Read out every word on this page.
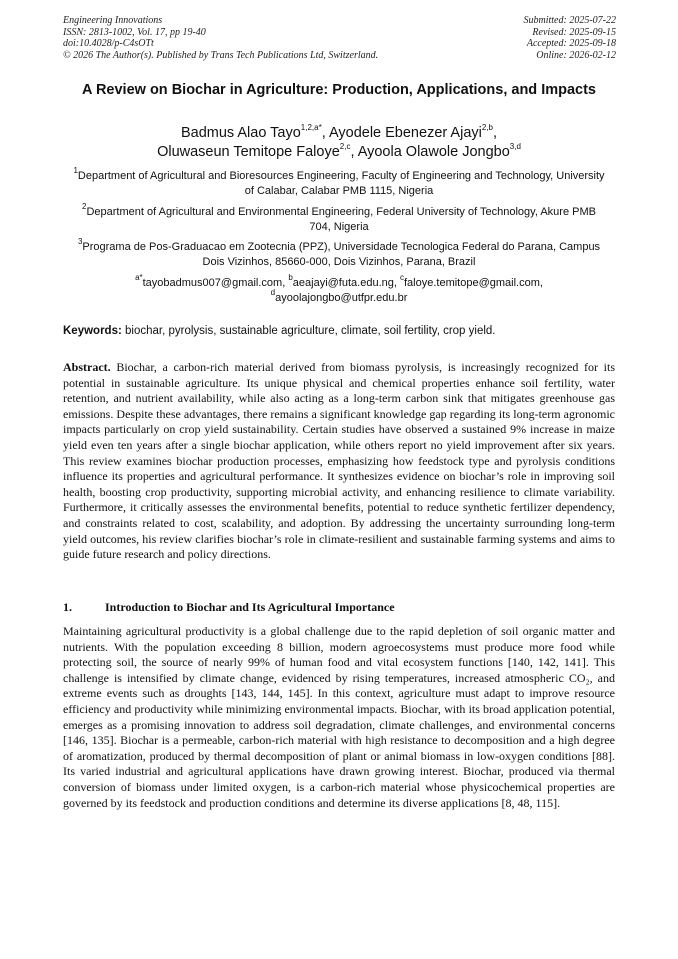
Engineering Innovations
ISSN: 2813-1002, Vol. 17, pp 19-40
doi:10.4028/p-C4sOTt
© 2026 The Author(s). Published by Trans Tech Publications Ltd, Switzerland.
Submitted: 2025-07-22
Revised: 2025-09-15
Accepted: 2025-09-18
Online: 2026-02-12
A Review on Biochar in Agriculture: Production, Applications, and Impacts
Badmus Alao Tayo$^{1,2,a*}$, Ayodele Ebenezer Ajayi$^{2,b}$,
Oluwaseun Temitope Faloye$^{2,c}$, Ayoola Olawole Jongbo$^{3,d}$
$^1$Department of Agricultural and Bioresources Engineering, Faculty of Engineering and Technology, University of Calabar, Calabar PMB 1115, Nigeria
$^2$Department of Agricultural and Environmental Engineering, Federal University of Technology, Akure PMB 704, Nigeria
$^3$Programa de Pos-Graduacao em Zootecnia (PPZ), Universidade Tecnologica Federal do Parana, Campus Dois Vizinhos, 85660-000, Dois Vizinhos, Parana, Brazil
$^{a*}$tayobadmus007@gmail.com, $^b$aeajayi@futa.edu.ng, $^c$faloye.temitope@gmail.com,
$^d$ayoolajongbo@utfpr.edu.br
Keywords: biochar, pyrolysis, sustainable agriculture, climate, soil fertility, crop yield.
Abstract. Biochar, a carbon-rich material derived from biomass pyrolysis, is increasingly recognized for its potential in sustainable agriculture. Its unique physical and chemical properties enhance soil fertility, water retention, and nutrient availability, while also acting as a long-term carbon sink that mitigates greenhouse gas emissions. Despite these advantages, there remains a significant knowledge gap regarding its long-term agronomic impacts particularly on crop yield sustainability. Certain studies have observed a sustained 9% increase in maize yield even ten years after a single biochar application, while others report no yield improvement after six years. This review examines biochar production processes, emphasizing how feedstock type and pyrolysis conditions influence its properties and agricultural performance. It synthesizes evidence on biochar’s role in improving soil health, boosting crop productivity, supporting microbial activity, and enhancing resilience to climate variability. Furthermore, it critically assesses the environmental benefits, potential to reduce synthetic fertilizer dependency, and constraints related to cost, scalability, and adoption. By addressing the uncertainty surrounding long-term yield outcomes, his review clarifies biochar’s role in climate-resilient and sustainable farming systems and aims to guide future research and policy directions.
1.	Introduction to Biochar and Its Agricultural Importance
Maintaining agricultural productivity is a global challenge due to the rapid depletion of soil organic matter and nutrients. With the population exceeding 8 billion, modern agroecosystems must produce more food while protecting soil, the source of nearly 99% of human food and vital ecosystem functions [140, 142, 141]. This challenge is intensified by climate change, evidenced by rising temperatures, increased atmospheric CO₂, and extreme events such as droughts [143, 144, 145]. In this context, agriculture must adapt to improve resource efficiency and productivity while minimizing environmental impacts. Biochar, with its broad application potential, emerges as a promising innovation to address soil degradation, climate challenges, and environmental concerns [146, 135]. Biochar is a permeable, carbon-rich material with high resistance to decomposition and a high degree of aromatization, produced by thermal decomposition of plant or animal biomass in low-oxygen conditions [88]. Its varied industrial and agricultural applications have drawn growing interest. Biochar, produced via thermal conversion of biomass under limited oxygen, is a carbon-rich material whose physicochemical properties are governed by its feedstock and production conditions and determine its diverse applications [8, 48, 115].
